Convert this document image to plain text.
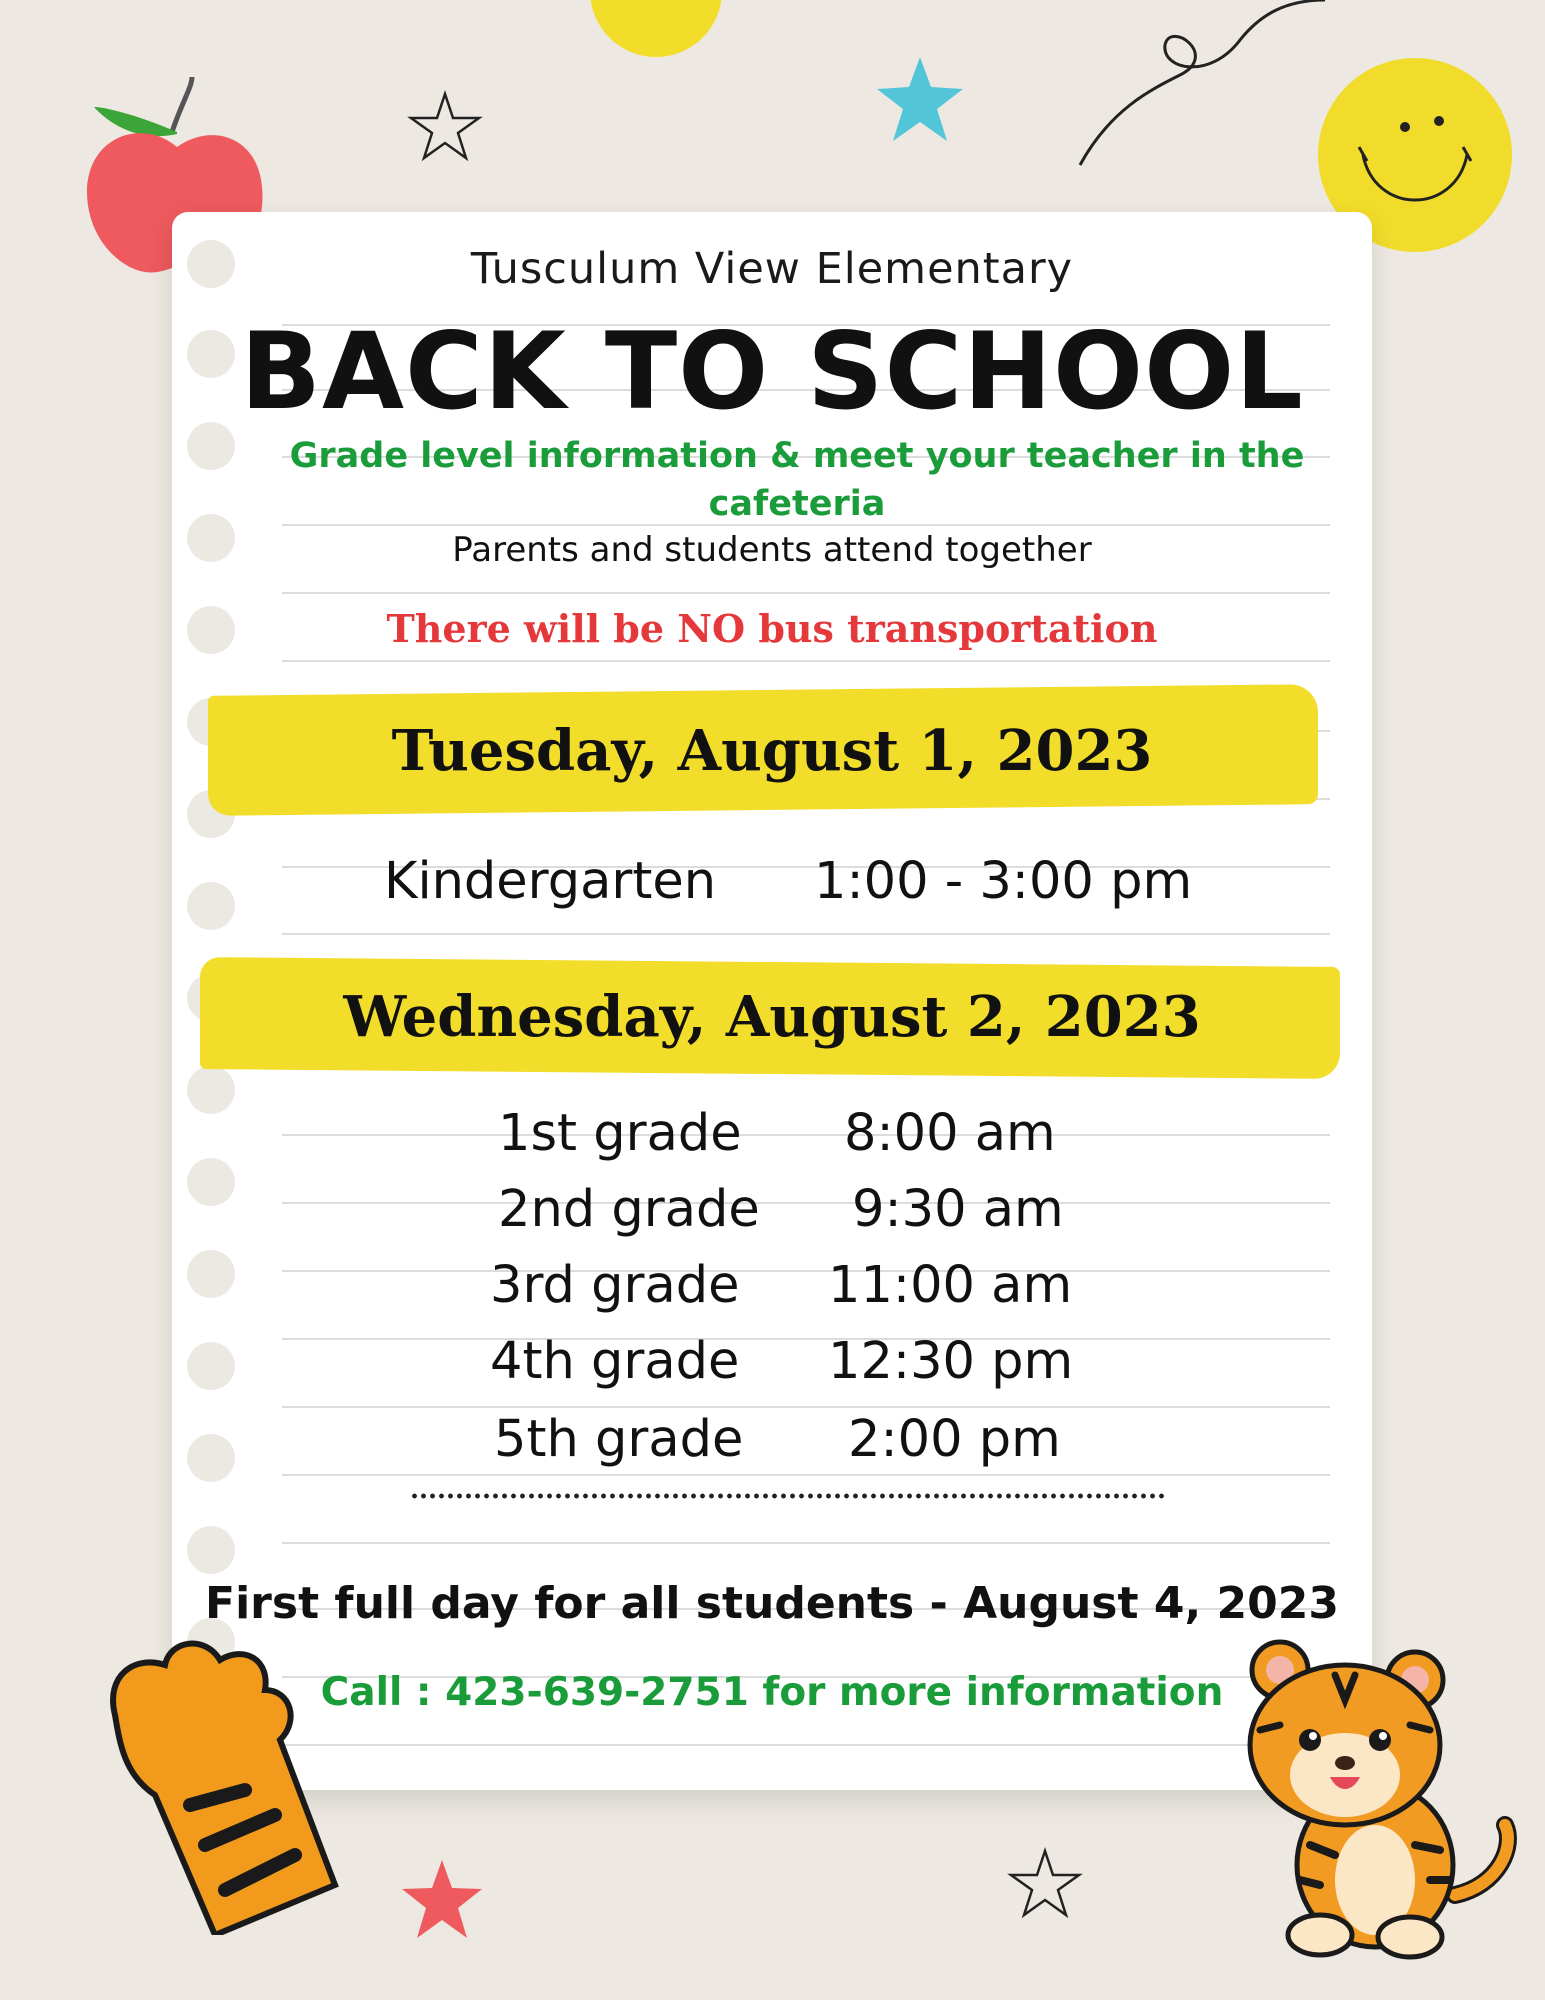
Tusculum View Elementary

BACK TO SCHOOL

Grade level information & meet your teacher in the cafeteria

Parents and students attend together

There will be NO bus transportation

Tuesday, August 1, 2023

Kindergarten 1:00 - 3:00 pm

Wednesday, August 2, 2023

1st grade 8:00 am

2nd grade 9:30 am

3rd grade 11:00 am

4th grade 12:30 pm

5th grade 2:00 pm

First full day for all students - August 4, 2023

Call : 423-639-2751 for more information
